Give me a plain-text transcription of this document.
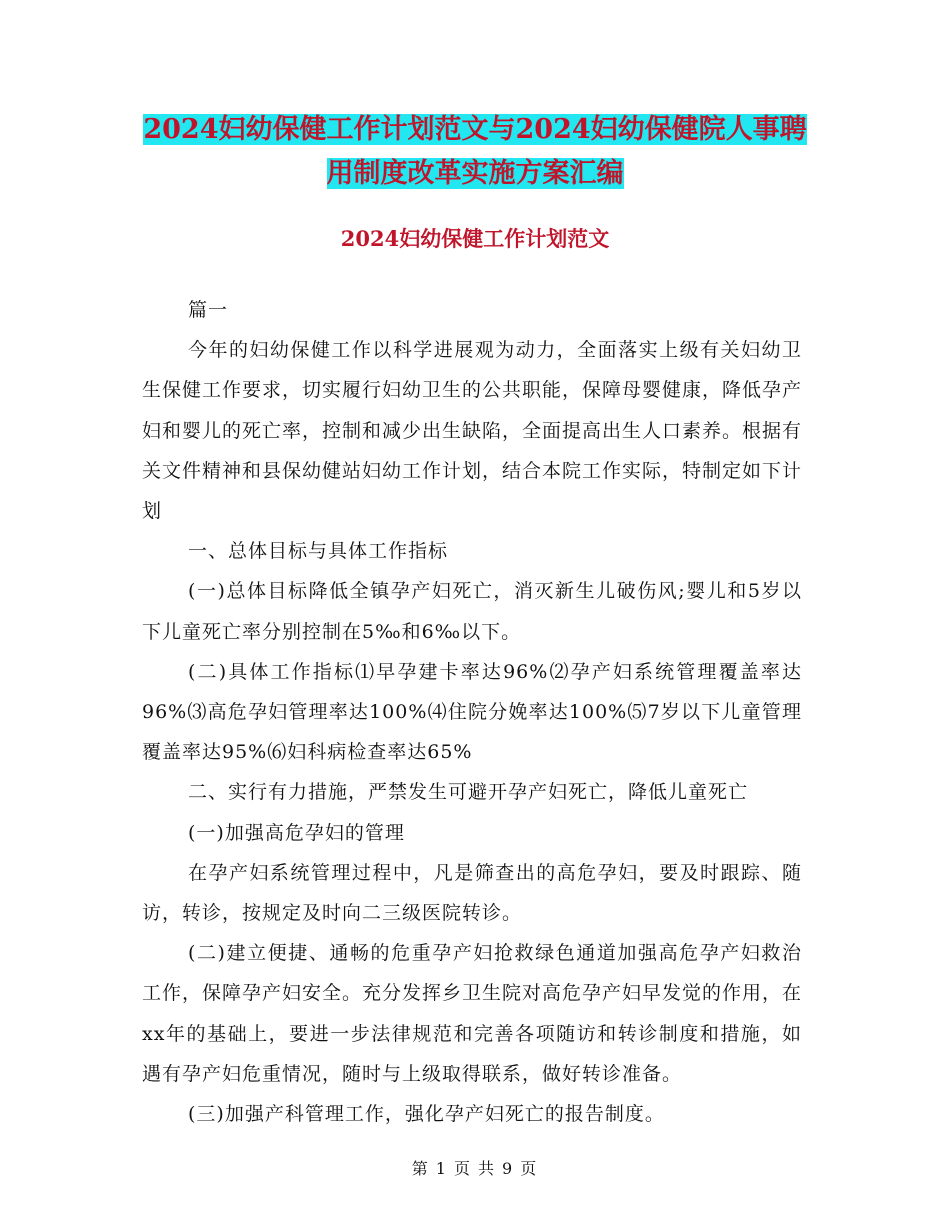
2024妇幼保健工作计划范文与2024妇幼保健院人事聘
用制度改革实施方案汇编
2024妇幼保健工作计划范文

篇一

今年的妇幼保健工作以科学进展观为动力，全面落实上级有关妇幼卫生保健工作要求，切实履行妇幼卫生的公共职能，保障母婴健康，降低孕产妇和婴儿的死亡率，控制和减少出生缺陷，全面提高出生人口素养。根据有关文件精神和县保幼健站妇幼工作计划，结合本院工作实际，特制定如下计划

一、总体目标与具体工作指标

(一)总体目标降低全镇孕产妇死亡，消灭新生儿破伤风;婴儿和5岁以下儿童死亡率分别控制在5‰和6‰以下。

(二)具体工作指标⑴早孕建卡率达96%⑵孕产妇系统管理覆盖率达96%⑶高危孕妇管理率达100%⑷住院分娩率达100%⑸7岁以下儿童管理覆盖率达95%⑹妇科病检查率达65%

二、实行有力措施，严禁发生可避开孕产妇死亡，降低儿童死亡

(一)加强高危孕妇的管理

在孕产妇系统管理过程中，凡是筛查出的高危孕妇，要及时跟踪、随访，转诊，按规定及时向二三级医院转诊。

(二)建立便捷、通畅的危重孕产妇抢救绿色通道加强高危孕产妇救治工作，保障孕产妇安全。充分发挥乡卫生院对高危孕产妇早发觉的作用，在xx年的基础上，要进一步法律规范和完善各项随访和转诊制度和措施，如遇有孕产妇危重情况，随时与上级取得联系，做好转诊准备。

(三)加强产科管理工作，强化孕产妇死亡的报告制度。

第 1 页 共 9 页
